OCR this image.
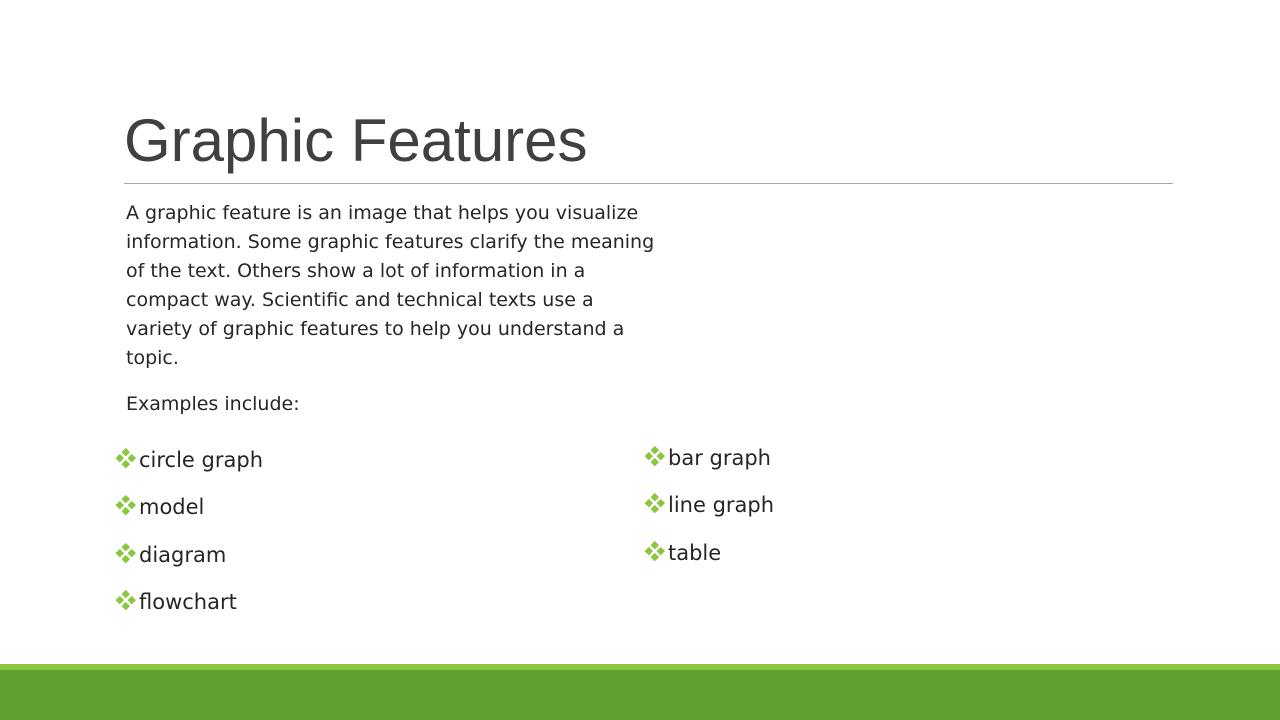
Graphic Features

A graphic feature is an image that helps you visualize information. Some graphic features clarify the meaning of the text. Others show a lot of information in a compact way. Scientific and technical texts use a variety of graphic features to help you understand a topic.

Examples include:

circle graph
model
diagram
flowchart
bar graph
line graph
table
